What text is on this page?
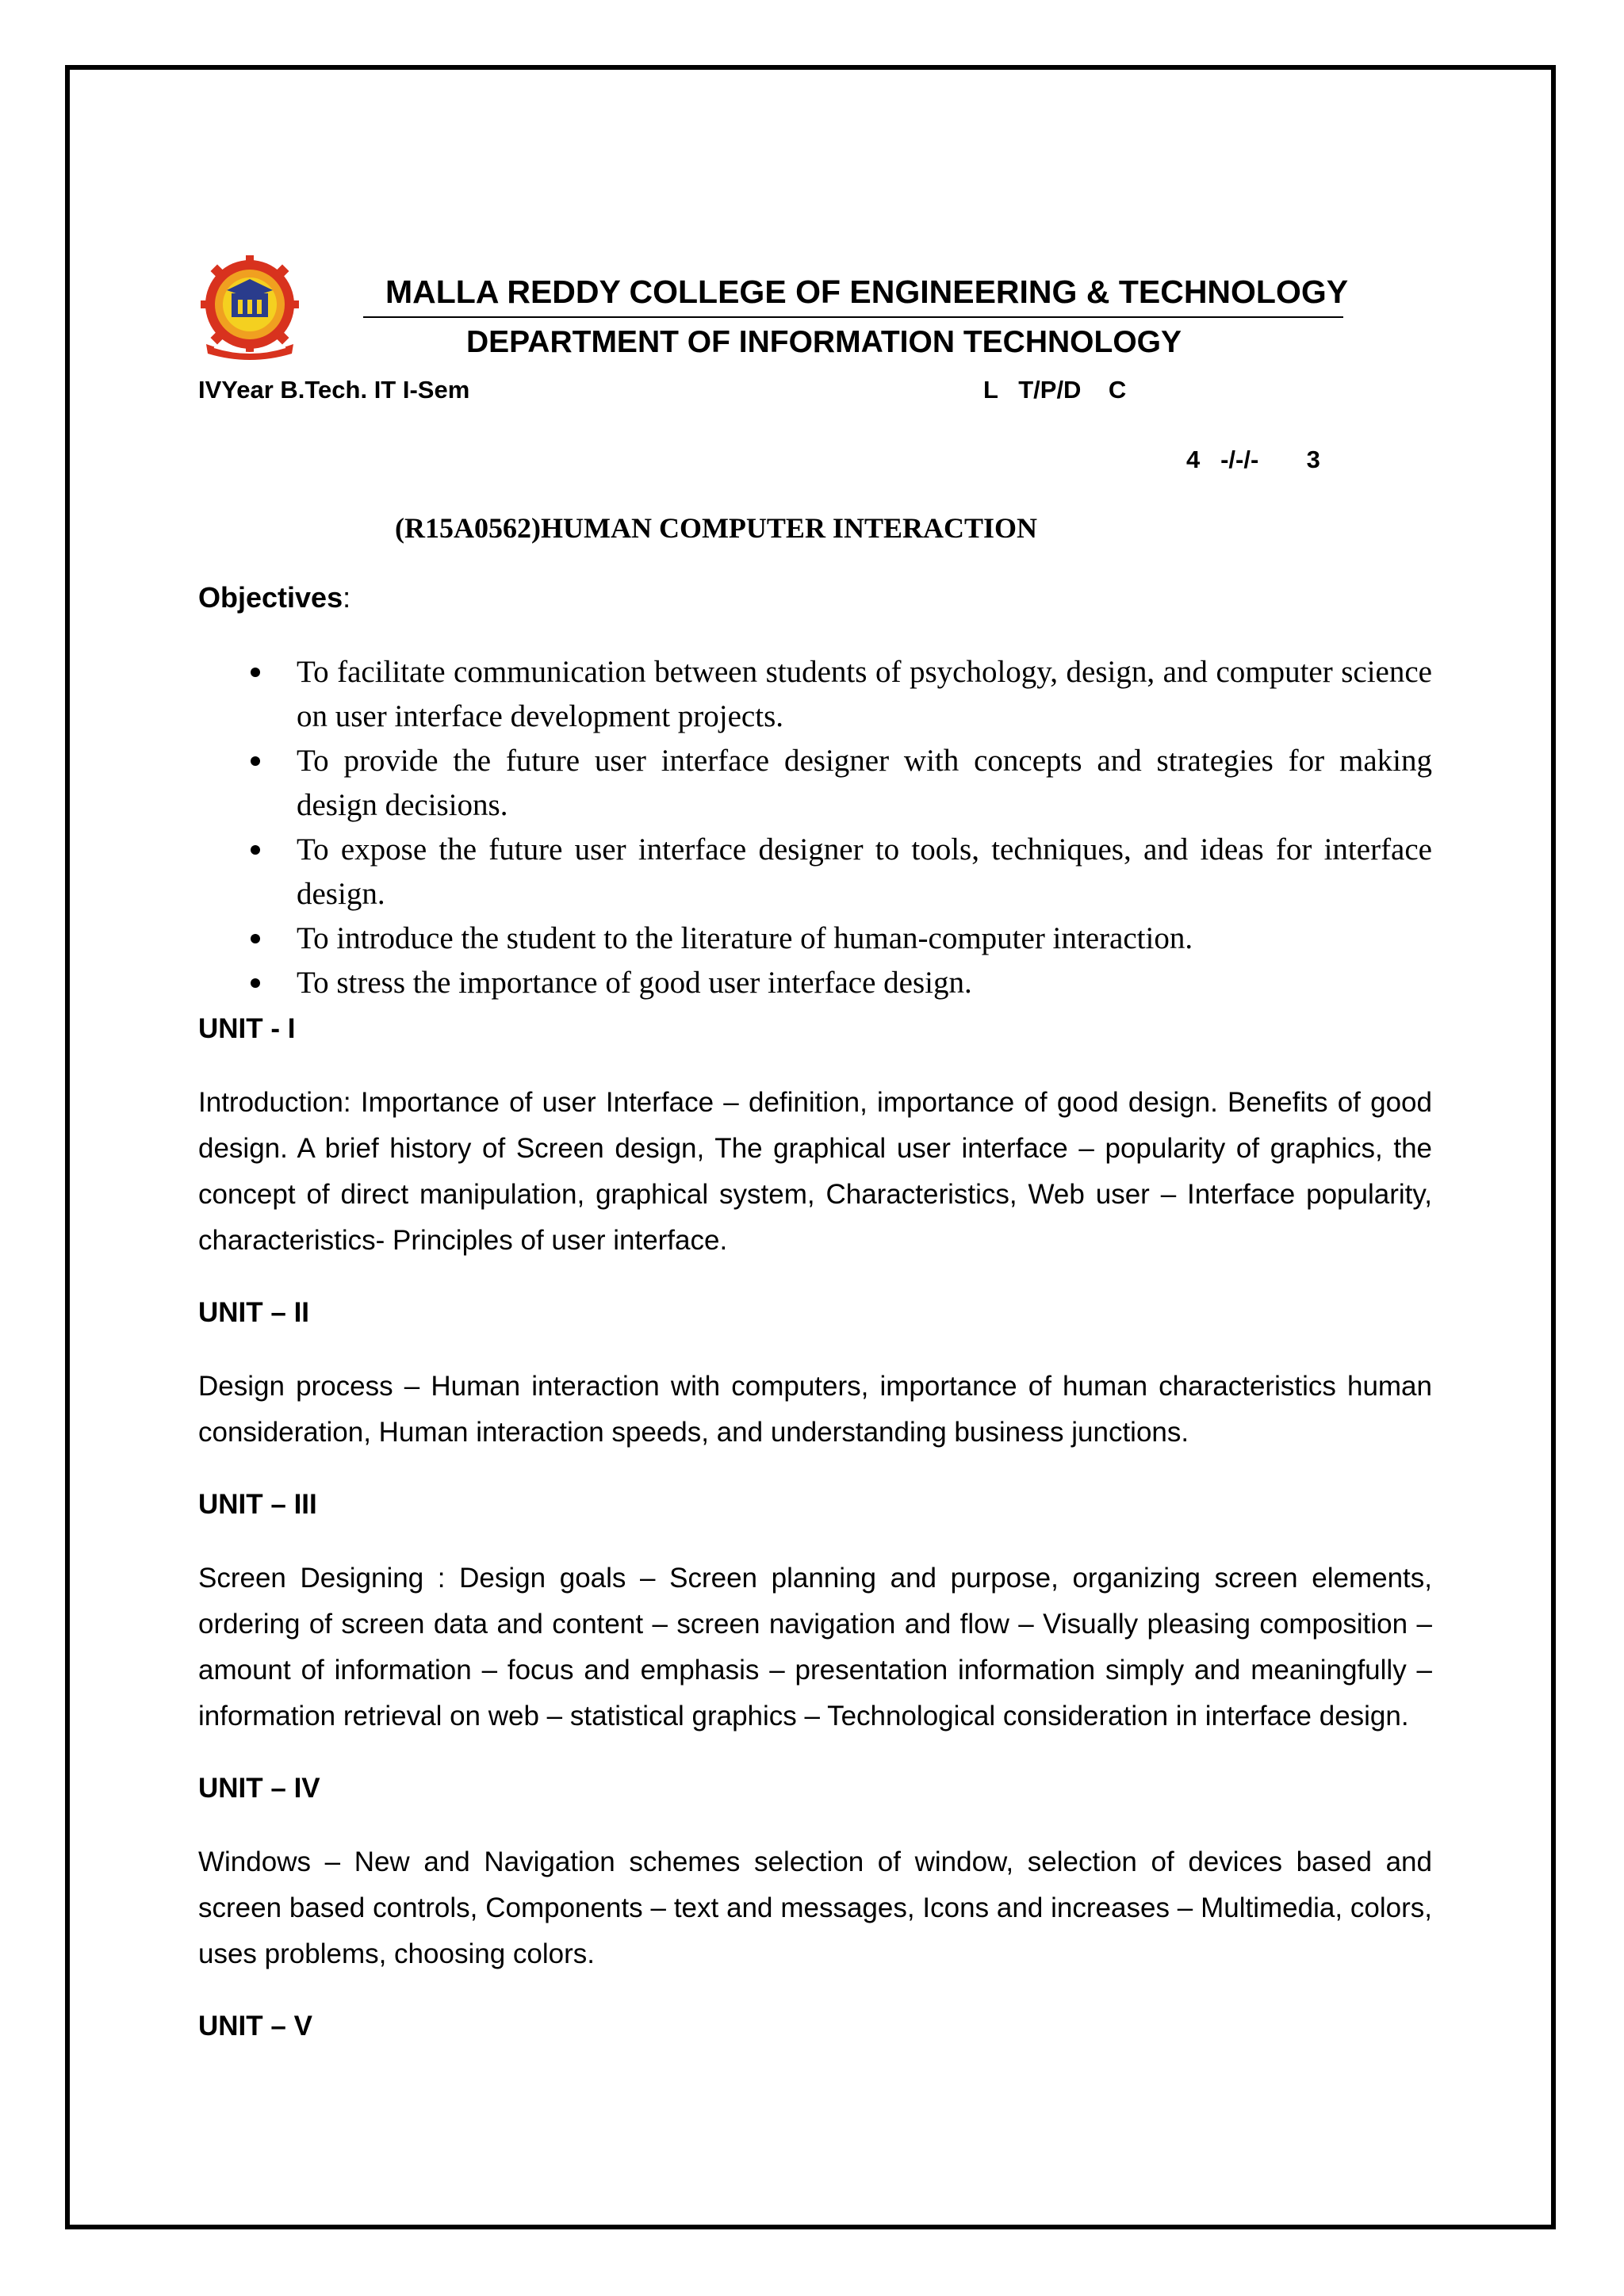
MALLA REDDY COLLEGE OF ENGINEERING & TECHNOLOGY
DEPARTMENT OF INFORMATION TECHNOLOGY
IVYear B.Tech. IT I-Sem	L   T/P/D    C
4   -/-/-       3
(R15A0562)HUMAN COMPUTER INTERACTION
Objectives:
To facilitate communication between students of psychology, design, and computer science on user interface development projects.
To provide the future user interface designer with concepts and strategies for making design decisions.
To expose the future user interface designer to tools, techniques, and ideas for interface design.
To introduce the student to the literature of human-computer interaction.
To stress the importance of good user interface design.

UNIT - I

Introduction: Importance of user Interface – definition, importance of good design. Benefits of good design. A brief history of Screen design, The graphical user interface – popularity of graphics, the concept of direct manipulation, graphical system, Characteristics, Web user – Interface popularity, characteristics- Principles of user interface.

UNIT – II

Design process – Human interaction with computers, importance of human characteristics human consideration, Human interaction speeds, and understanding business junctions.

UNIT – III

Screen Designing : Design goals – Screen planning and purpose, organizing screen elements, ordering of screen data and content – screen navigation and flow – Visually pleasing composition – amount of information – focus and emphasis – presentation information simply and meaningfully – information retrieval on web – statistical graphics – Technological consideration in interface design.

UNIT – IV

Windows – New and Navigation schemes selection of window, selection of devices based and screen based controls, Components – text and messages, Icons and increases – Multimedia, colors, uses problems, choosing colors.

UNIT – V
